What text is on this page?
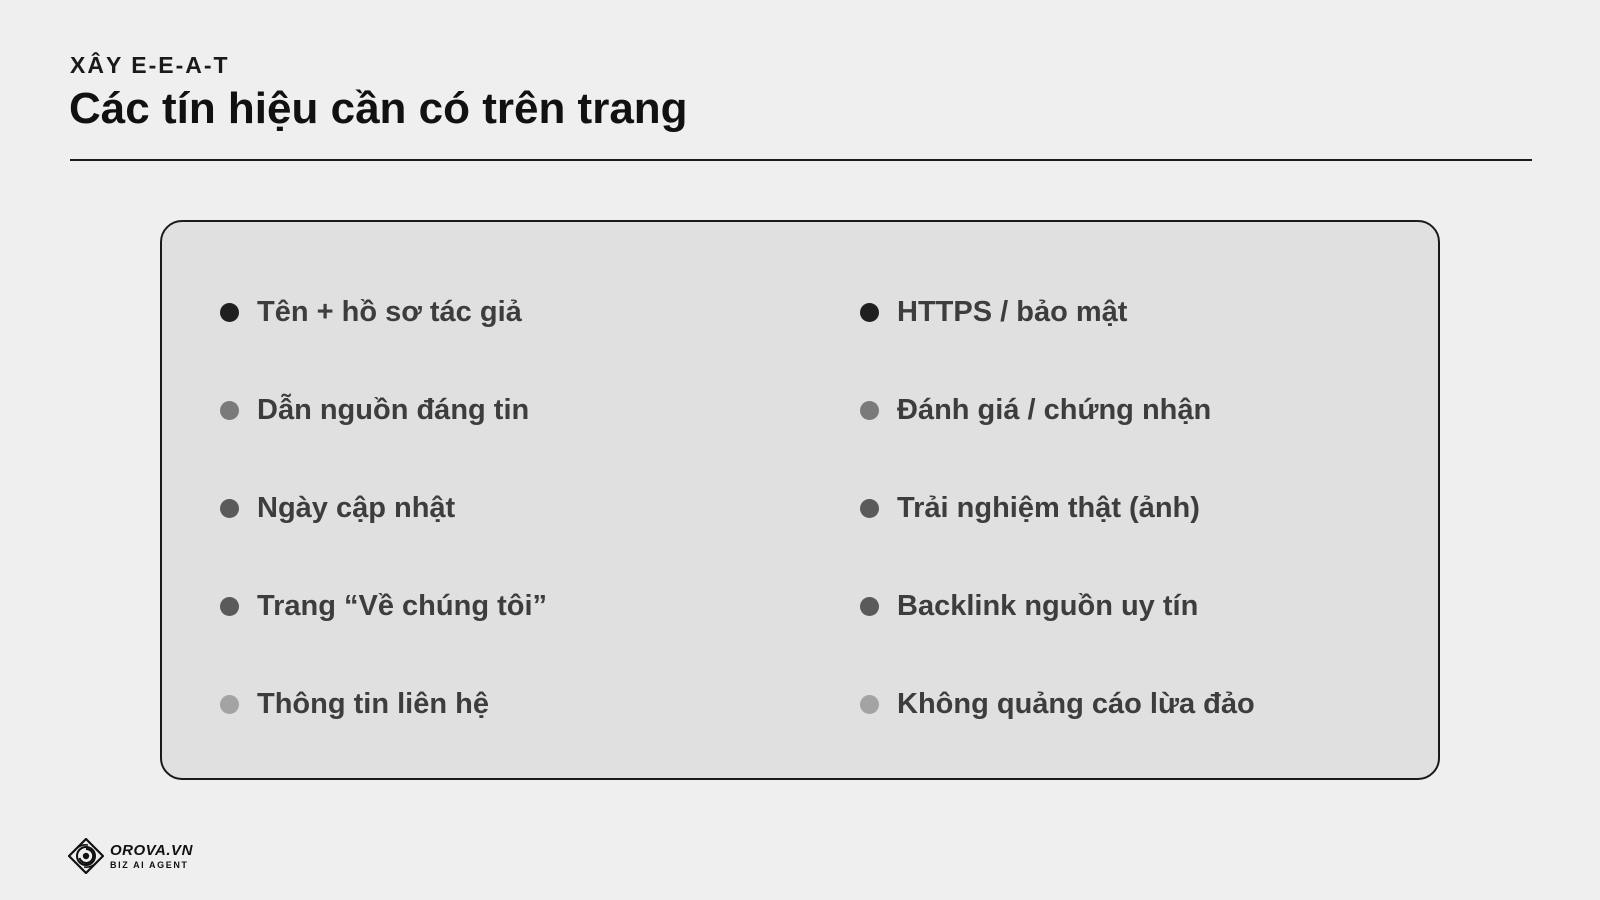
XÂY E-E-A-T
Các tín hiệu cần có trên trang
Tên + hồ sơ tác giả
Dẫn nguồn đáng tin
Ngày cập nhật
Trang “Về chúng tôi”
Thông tin liên hệ
HTTPS / bảo mật
Đánh giá / chứng nhận
Trải nghiệm thật (ảnh)
Backlink nguồn uy tín
Không quảng cáo lừa đảo
OROVA.VN
BIZ AI AGENT
